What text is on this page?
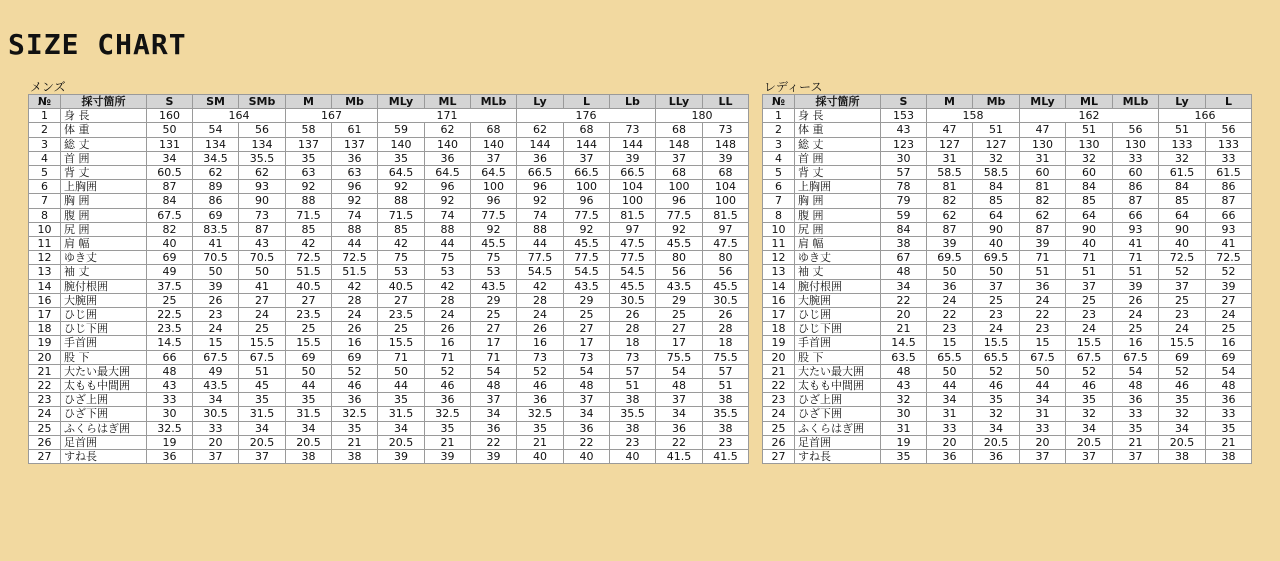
SIZE CHART
メンズ
№	採寸箇所	S	SM	SMb	M	Mb	MLy	ML	MLb	Ly	L	Lb	LLy	LL
1	身 長	160	164		167		171			176			180	
2	体 重	50	54	56	58	61	59	62	68	62	68	73	68	73
3	総 丈	131	134	134	137	137	140	140	140	144	144	144	148	148
4	首 囲	34	34.5	35.5	35	36	35	36	37	36	37	39	37	39
5	背 丈	60.5	62	62	63	63	64.5	64.5	64.5	66.5	66.5	66.5	68	68
6	上胸囲	87	89	93	92	96	92	96	100	96	100	104	100	104
7	胸 囲	84	86	90	88	92	88	92	96	92	96	100	96	100
8	腹 囲	67.5	69	73	71.5	74	71.5	74	77.5	74	77.5	81.5	77.5	81.5
10	尻 囲	82	83.5	87	85	88	85	88	92	88	92	97	92	97
11	肩 幅	40	41	43	42	44	42	44	45.5	44	45.5	47.5	45.5	47.5
12	ゆき丈	69	70.5	70.5	72.5	72.5	75	75	75	77.5	77.5	77.5	80	80
13	袖 丈	49	50	50	51.5	51.5	53	53	53	54.5	54.5	54.5	56	56
14	腕付根囲	37.5	39	41	40.5	42	40.5	42	43.5	42	43.5	45.5	43.5	45.5
16	大腕囲	25	26	27	27	28	27	28	29	28	29	30.5	29	30.5
17	ひじ囲	22.5	23	24	23.5	24	23.5	24	25	24	25	26	25	26
18	ひじ下囲	23.5	24	25	25	26	25	26	27	26	27	28	27	28
19	手首囲	14.5	15	15.5	15.5	16	15.5	16	17	16	17	18	17	18
20	股 下	66	67.5	67.5	69	69	71	71	71	73	73	73	75.5	75.5
21	大たい最大囲	48	49	51	50	52	50	52	54	52	54	57	54	57
22	太もも中間囲	43	43.5	45	44	46	44	46	48	46	48	51	48	51
23	ひざ上囲	33	34	35	35	36	35	36	37	36	37	38	37	38
24	ひざ下囲	30	30.5	31.5	31.5	32.5	31.5	32.5	34	32.5	34	35.5	34	35.5
25	ふくらはぎ囲	32.5	33	34	34	35	34	35	36	35	36	38	36	38
26	足首囲	19	20	20.5	20.5	21	20.5	21	22	21	22	23	22	23
27	すね長	36	37	37	38	38	39	39	39	40	40	40	41.5	41.5
レディース
№	採寸箇所	S	M	Mb	MLy	ML	MLb	Ly	L
1	身 長	153	158		162			166	
2	体 重	43	47	51	47	51	56	51	56
3	総 丈	123	127	127	130	130	130	133	133
4	首 囲	30	31	32	31	32	33	32	33
5	背 丈	57	58.5	58.5	60	60	60	61.5	61.5
6	上胸囲	78	81	84	81	84	86	84	86
7	胸 囲	79	82	85	82	85	87	85	87
8	腹 囲	59	62	64	62	64	66	64	66
10	尻 囲	84	87	90	87	90	93	90	93
11	肩 幅	38	39	40	39	40	41	40	41
12	ゆき丈	67	69.5	69.5	71	71	71	72.5	72.5
13	袖 丈	48	50	50	51	51	51	52	52
14	腕付根囲	34	36	37	36	37	39	37	39
16	大腕囲	22	24	25	24	25	26	25	27
17	ひじ囲	20	22	23	22	23	24	23	24
18	ひじ下囲	21	23	24	23	24	25	24	25
19	手首囲	14.5	15	15.5	15	15.5	16	15.5	16
20	股 下	63.5	65.5	65.5	67.5	67.5	67.5	69	69
21	大たい最大囲	48	50	52	50	52	54	52	54
22	太もも中間囲	43	44	46	44	46	48	46	48
23	ひざ上囲	32	34	35	34	35	36	35	36
24	ひざ下囲	30	31	32	31	32	33	32	33
25	ふくらはぎ囲	31	33	34	33	34	35	34	35
26	足首囲	19	20	20.5	20	20.5	21	20.5	21
27	すね長	35	36	36	37	37	37	38	38
